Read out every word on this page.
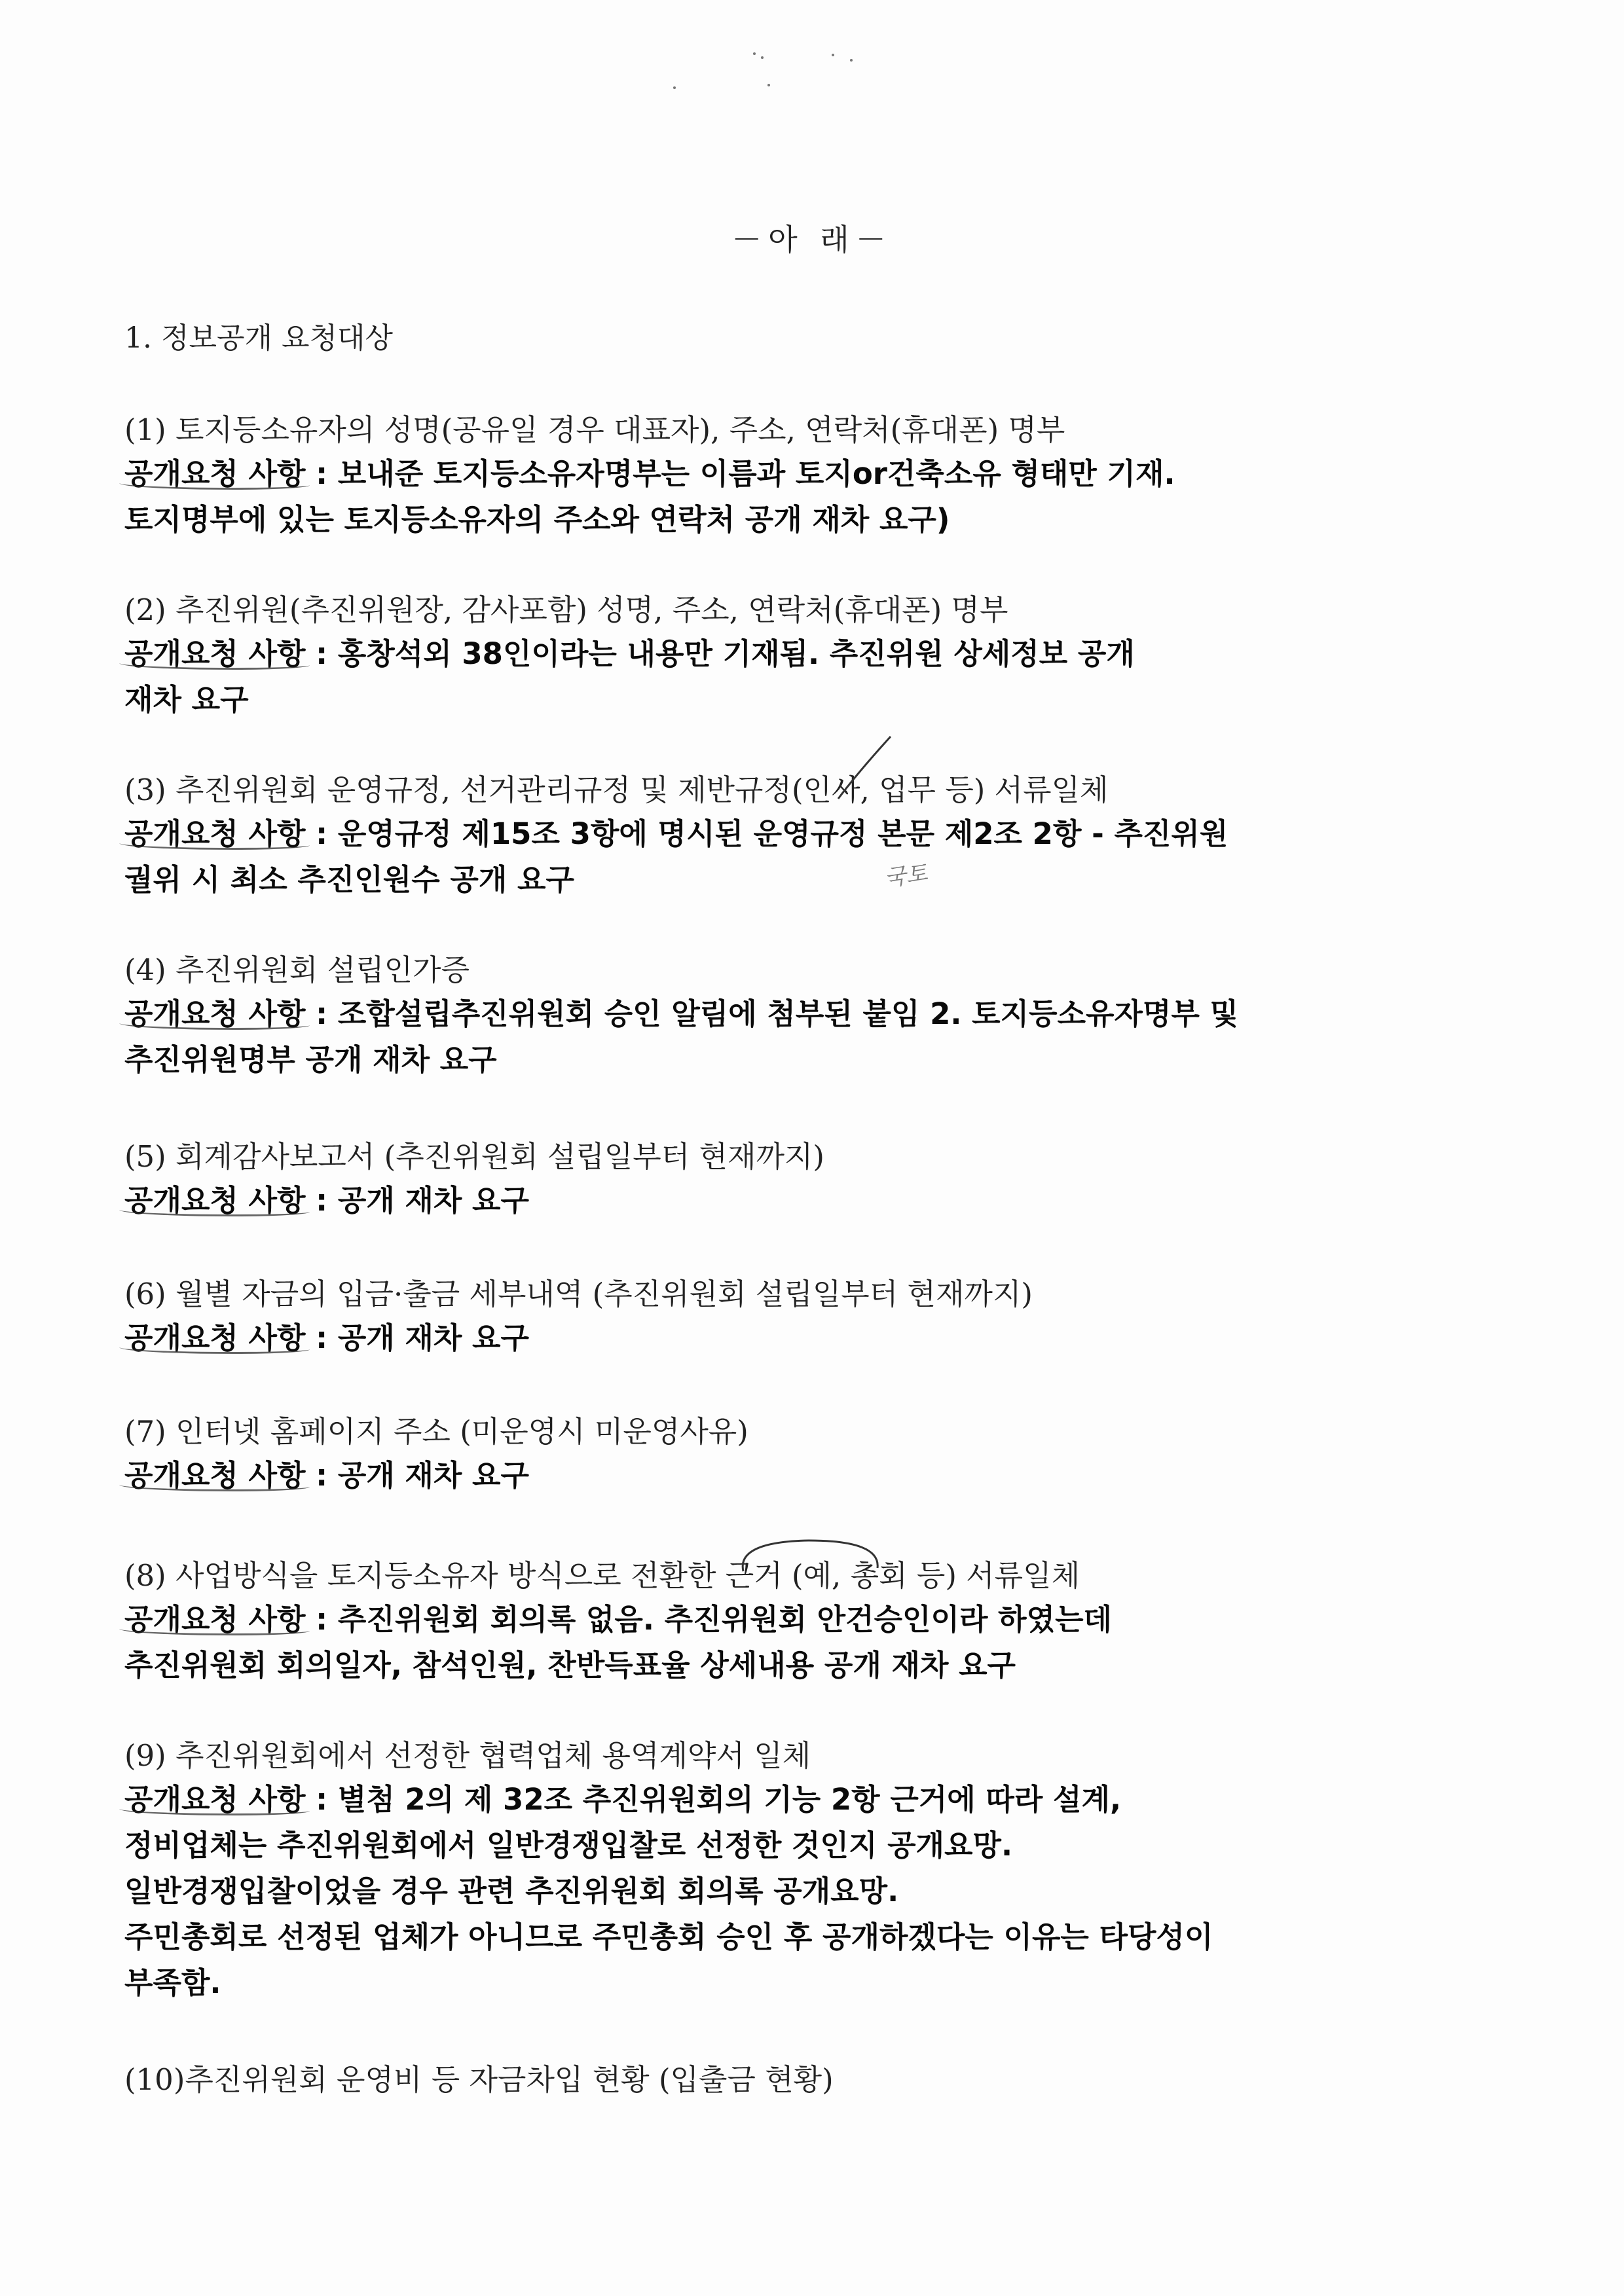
－아 래－
1. 정보공개 요청대상
(1) 토지등소유자의 성명(공유일 경우 대표자), 주소, 연락처(휴대폰) 명부
공개요청 사항
: 보내준 토지등소유자명부는 이름과 토지or건축소유 형태만 기재.
토지명부에 있는 토지등소유자의 주소와 연락처 공개 재차 요구)
(2) 추진위원(추진위원장, 감사포함) 성명, 주소, 연락처(휴대폰) 명부
공개요청 사항
: 홍창석외 38인이라는 내용만 기재됨. 추진위원 상세정보 공개
재차 요구
(3) 추진위원회 운영규정, 선거관리규정 및 제반규정(인사, 업무 등) 서류일체
공개요청 사항
: 운영규정 제15조 3항에 명시된 운영규정 본문 제2조 2항 - 추진위원
궐위 시 최소 추진인원수 공개 요구
(4) 추진위원회 설립인가증
공개요청 사항
: 조합설립추진위원회 승인 알림에 첨부된 붙임 2. 토지등소유자명부 및
추진위원명부 공개 재차 요구
(5) 회계감사보고서 (추진위원회 설립일부터 현재까지)
공개요청 사항
: 공개 재차 요구
(6) 월별 자금의 입금·출금 세부내역 (추진위원회 설립일부터 현재까지)
공개요청 사항
: 공개 재차 요구
(7) 인터넷 홈페이지 주소 (미운영시 미운영사유)
공개요청 사항
: 공개 재차 요구
(8) 사업방식을 토지등소유자 방식으로 전환한 근거 (예, 총회 등) 서류일체
공개요청 사항
: 추진위원회 회의록 없음. 추진위원회 안건승인이라 하였는데
추진위원회 회의일자, 참석인원, 찬반득표율 상세내용 공개 재차 요구
(9) 추진위원회에서 선정한 협력업체 용역계약서 일체
공개요청 사항
: 별첨 2의 제 32조 추진위원회의 기능 2항 근거에 따라 설계,
정비업체는 추진위원회에서 일반경쟁입찰로 선정한 것인지 공개요망.
일반경쟁입찰이었을 경우 관련 추진위원회 회의록 공개요망.
주민총회로 선정된 업체가 아니므로 주민총회 승인 후 공개하겠다는 이유는 타당성이
부족함.
(10)추진위원회 운영비 등 자금차입 현황 (입출금 현황)
국토
